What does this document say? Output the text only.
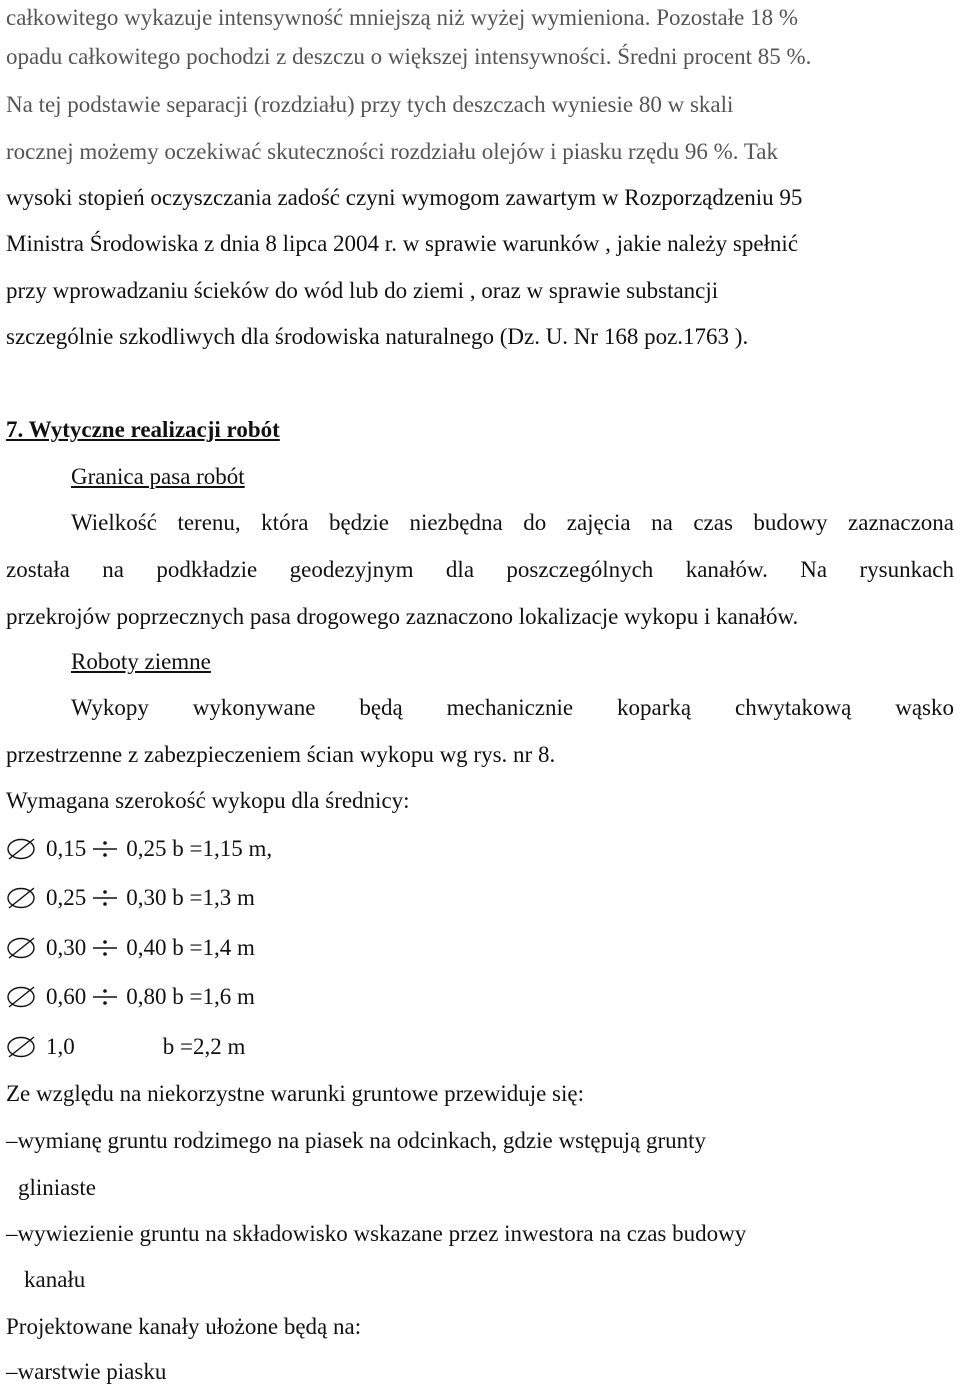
całkowitego wykazuje intensywność mniejszą niż wyżej wymieniona. Pozostałe 18 %
opadu całkowitego pochodzi z deszczu o większej intensywności. Średni procent 85 %.
Na tej podstawie separacji (rozdziału) przy tych deszczach wyniesie 80 w skali
rocznej możemy oczekiwać skuteczności rozdziału olejów i piasku rzędu 96 %. Tak
wysoki stopień oczyszczania zadość czyni wymogom zawartym w Rozporządzeniu 95
Ministra Środowiska z dnia 8 lipca 2004 r. w sprawie warunków , jakie należy spełnić
przy wprowadzaniu ścieków do wód lub do ziemi , oraz w sprawie substancji
szczególnie szkodliwych dla środowiska naturalnego (Dz. U. Nr 168 poz.1763 ).
7. Wytyczne realizacji robót
Granica pasa robót
Wielkość terenu, która będzie niezbędna do zajęcia na czas budowy zaznaczona
została na podkładzie geodezyjnym dla poszczególnych kanałów. Na rysunkach
przekrojów poprzecznych pasa drogowego zaznaczono lokalizacje wykopu i kanałów.
Roboty ziemne
Wykopy wykonywane będą mechanicznie koparką chwytakową wąsko
przestrzenne z zabezpieczeniem ścian wykopu wg rys. nr 8.
Wymagana szerokość wykopu dla średnicy:
0,15 0,25 b =1,15 m,
0,25 0,30 b =1,3 m
0,30 0,40 b =1,4 m
0,60 0,80 b =1,6 m
1,0	b =2,2 m
Ze względu na niekorzystne warunki gruntowe przewiduje się:
–wymianę gruntu rodzimego na piasek na odcinkach, gdzie wstępują grunty
gliniaste
–wywiezienie gruntu na składowisko wskazane przez inwestora na czas budowy
kanału
Projektowane kanały ułożone będą na:
–warstwie piasku
